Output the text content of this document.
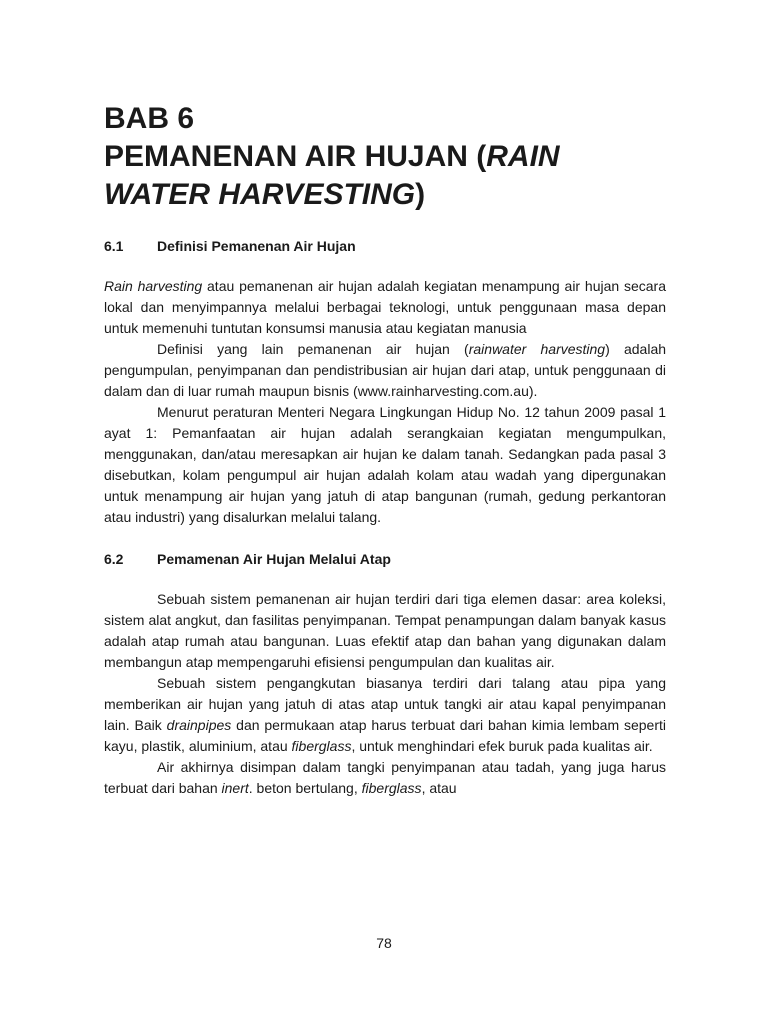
BAB 6
PEMANENAN AIR HUJAN (RAIN
WATER HARVESTING)
6.1	Definisi Pemanenan Air Hujan

Rain harvesting atau pemanenan air hujan adalah kegiatan menampung air hujan secara lokal dan menyimpannya melalui berbagai teknologi, untuk penggunaan masa depan untuk memenuhi tuntutan konsumsi manusia atau kegiatan manusia

Definisi yang lain pemanenan air hujan (rainwater harvesting) adalah pengumpulan, penyimpanan dan pendistribusian air hujan dari atap, untuk penggunaan di dalam dan di luar rumah maupun bisnis (www.rainharvesting.com.au).

Menurut peraturan Menteri Negara Lingkungan Hidup No. 12 tahun 2009 pasal 1 ayat 1: Pemanfaatan air hujan adalah serangkaian kegiatan mengumpulkan, menggunakan, dan/atau meresapkan air hujan ke dalam tanah. Sedangkan pada pasal 3 disebutkan, kolam pengumpul air hujan adalah kolam atau wadah yang dipergunakan untuk menampung air hujan yang jatuh di atap bangunan (rumah, gedung perkantoran atau industri) yang disalurkan melalui talang.

6.2	Pemamenan Air Hujan Melalui Atap

Sebuah sistem pemanenan air hujan terdiri dari tiga elemen dasar: area koleksi, sistem alat angkut, dan fasilitas penyimpanan. Tempat penampungan dalam banyak kasus adalah atap rumah atau bangunan. Luas efektif atap dan bahan yang digunakan dalam membangun atap mempengaruhi efisiensi pengumpulan dan kualitas air.

Sebuah sistem pengangkutan biasanya terdiri dari talang atau pipa yang memberikan air hujan yang jatuh di atas atap untuk tangki air atau kapal penyimpanan lain. Baik drainpipes dan permukaan atap harus terbuat dari bahan kimia lembam seperti kayu, plastik, aluminium, atau fiberglass, untuk menghindari efek buruk pada kualitas air.

Air akhirnya disimpan dalam tangki penyimpanan atau tadah, yang juga harus terbuat dari bahan inert. beton bertulang, fiberglass, atau

78
